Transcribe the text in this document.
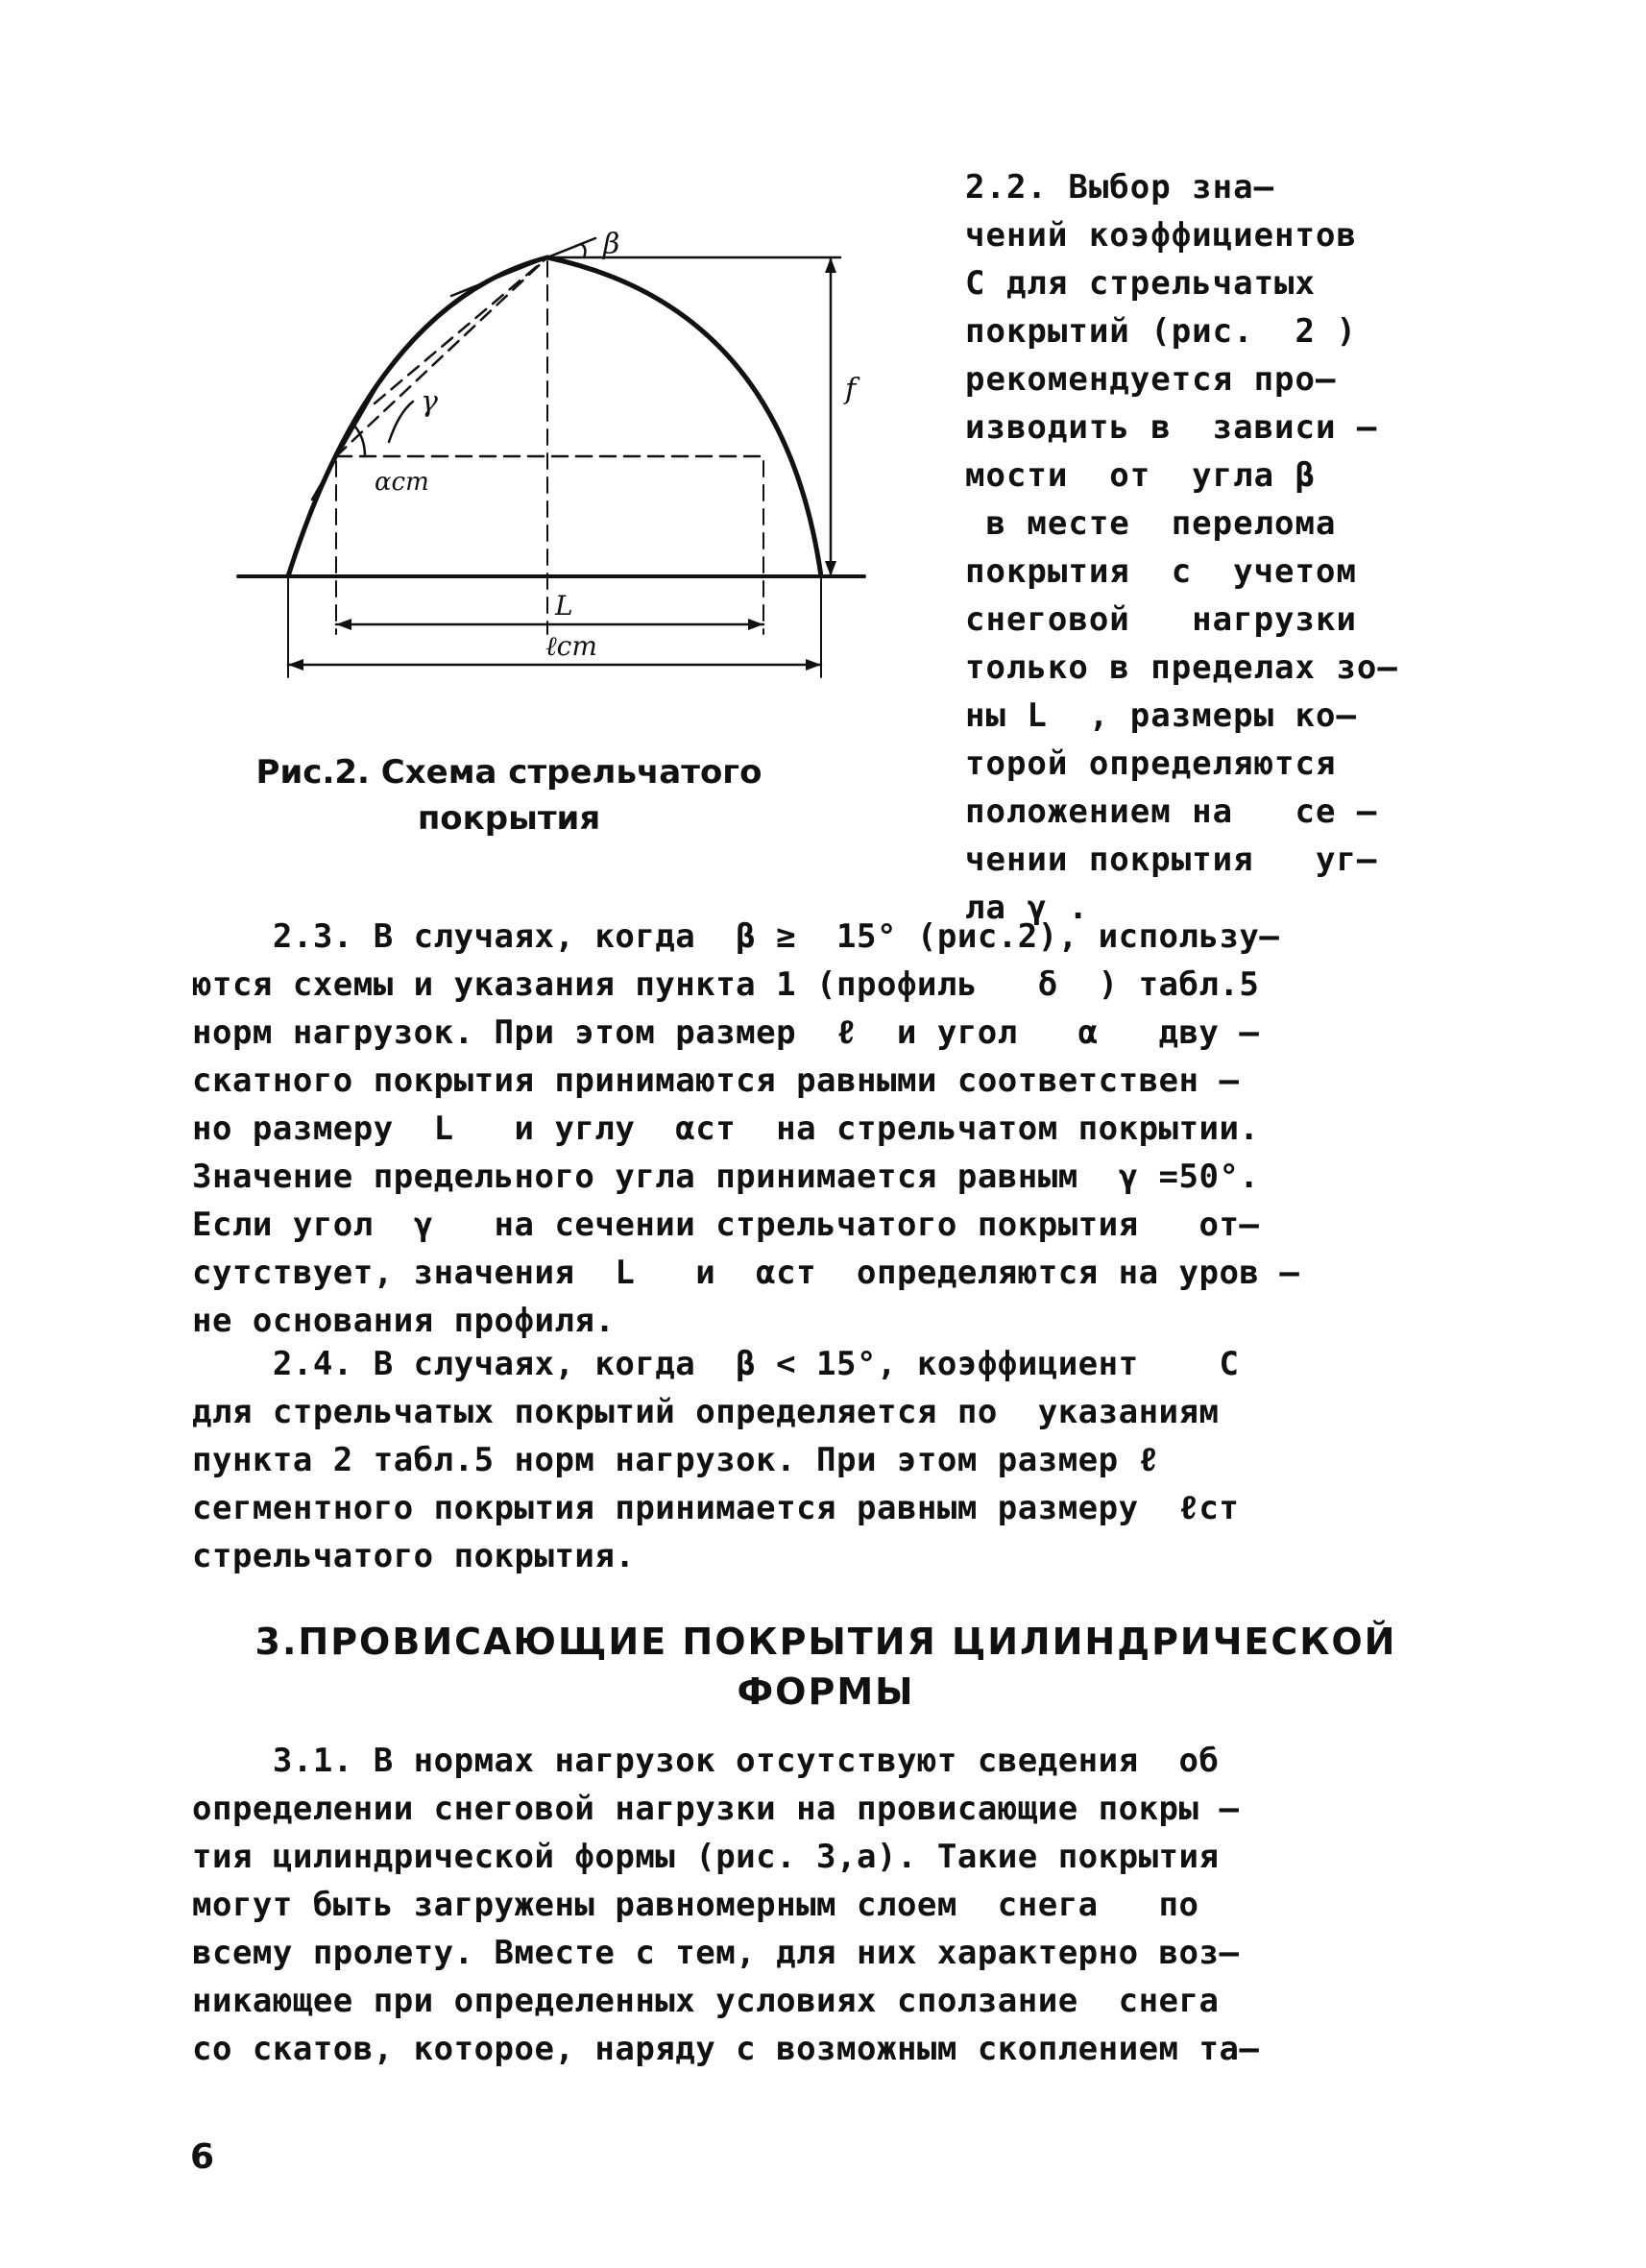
β
γ
αст
f
L
ℓст
Рис.2. Схема стрельчатого
покрытия
2.2. Выбор зна–
чений коэффициентов
С для стрельчатых
покрытий (рис.  2 )
рекомендуется про–
изводить в  зависи –
мости  от  угла β
в месте  перелома
покрытия  с  учетом
снеговой   нагрузки
только в пределах зо–
ны L  , размеры ко–
торой определяются
положением на   се –
чении покрытия   уг–
ла γ .
2.3. В случаях, когда  β ≥  15° (рис.2), использу–
ются схемы и указания пункта 1 (профиль   δ  ) табл.5
норм нагрузок. При этом размер  ℓ  и угол   α   дву –
скатного покрытия принимаются равными соответствен –
но размеру  L   и углу  αст  на стрельчатом покрытии.
Значение предельного угла принимается равным  γ =50°.
Если угол  γ   на сечении стрельчатого покрытия   от–
сутствует, значения  L   и  αст  определяются на уров –
не основания профиля.
2.4. В случаях, когда  β < 15°, коэффициент    С
для стрельчатых покрытий определяется по  указаниям
пункта 2 табл.5 норм нагрузок. При этом размер ℓ
сегментного покрытия принимается равным размеру  ℓст
стрельчатого покрытия.
3.ПРОВИСАЮЩИЕ ПОКРЫТИЯ ЦИЛИНДРИЧЕСКОЙ
ФОРМЫ
3.1. В нормах нагрузок отсутствуют сведения  об
определении снеговой нагрузки на провисающие покры –
тия цилиндрической формы (рис. 3,а). Такие покрытия
могут быть загружены равномерным слоем  снега   по
всему пролету. Вместе с тем, для них характерно воз–
никающее при определенных условиях сползание  снега
со скатов, которое, наряду с возможным скоплением та–
6
